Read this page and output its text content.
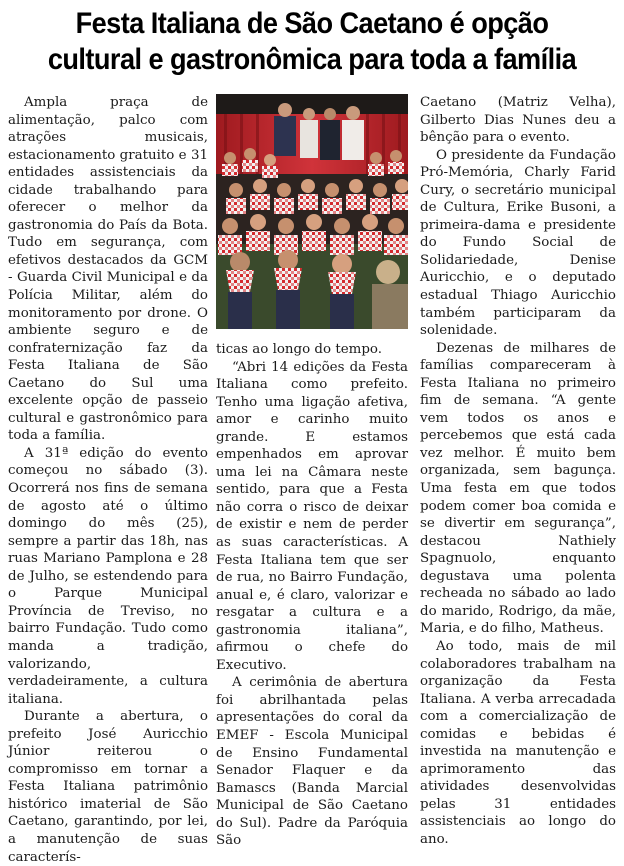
Festa Italiana de São Caetano é opção
cultural e gastronômica para toda a família

Ampla praça de alimentação, palco com atrações musicais, estacionamento gratuito e 31 entidades assistenciais da cidade trabalhando para oferecer o melhor da gastronomia do País da Bota. Tudo em segurança, com efetivos destacados da GCM - Guarda Civil Municipal e da Polícia Militar, além do monitoramento por drone. O ambiente seguro e de confraternização faz da Festa Italiana de São Caetano do Sul uma excelente opção de passeio cultural e gastronômico para toda a família.

A 31ª edição do evento começou no sábado (3). Ocorrerá nos fins de semana de agosto até o último domingo do mês (25), sempre a partir das 18h, nas ruas Mariano Pamplona e 28 de Julho, se estendendo para o Parque Municipal Província de Treviso, no bairro Fundação. Tudo como manda a tradição, valorizando, verdadeiramente, a cultura italiana.

Durante a abertura, o prefeito José Auricchio Júnior reiterou o compromisso em tornar a Festa Italiana patrimônio histórico imaterial de São Caetano, garantindo, por lei, a manutenção de suas caracterís-

ticas ao longo do tempo.

“Abri 14 edições da Festa Italiana como prefeito. Tenho uma ligação afetiva, amor e carinho muito grande. E estamos empenhados em aprovar uma lei na Câmara neste sentido, para que a Festa não corra o risco de deixar de existir e nem de perder as suas características. A Festa Italiana tem que ser de rua, no Bairro Fundação, anual e, é claro, valorizar e resgatar a cultura e a gastronomia italiana”, afirmou o chefe do Executivo.

A cerimônia de abertura foi abrilhantada pelas apresentações do coral da EMEF - Escola Municipal de Ensino Fundamental Senador Flaquer e da Bamascs (Banda Marcial Municipal de São Caetano do Sul). Padre da Paróquia São

Caetano (Matriz Velha), Gilberto Dias Nunes deu a bênção para o evento.

O presidente da Fundação Pró-Memória, Charly Farid Cury, o secretário municipal de Cultura, Erike Busoni, a primeira-dama e presidente do Fundo Social de Solidariedade, Denise Auricchio, e o deputado estadual Thiago Auricchio também participaram da solenidade.

Dezenas de milhares de famílias compareceram à Festa Italiana no primeiro fim de semana. “A gente vem todos os anos e percebemos que está cada vez melhor. É muito bem organizada, sem bagunça. Uma festa em que todos podem comer boa comida e se divertir em segurança”, destacou Nathiely Spagnuolo, enquanto degustava uma polenta recheada no sábado ao lado do marido, Rodrigo, da mãe, Maria, e do filho, Matheus.

Ao todo, mais de mil colaboradores trabalham na organização da Festa Italiana. A verba arrecadada com a comercialização de comidas e bebidas é investida na manutenção e aprimoramento das atividades desenvolvidas pelas 31 entidades assistenciais ao longo do ano.
